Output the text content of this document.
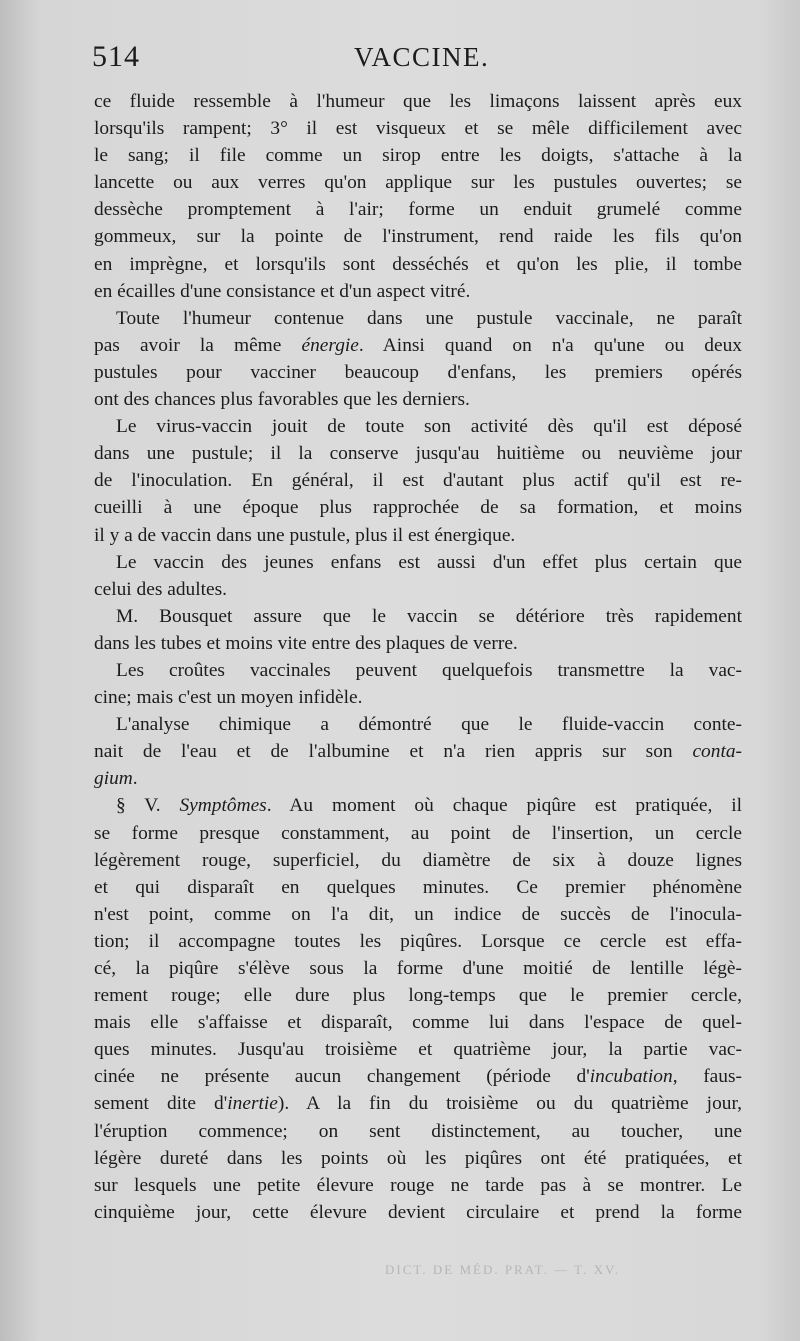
514	VACCINE.
ce fluide ressemble à l'humeur que les limaçons laissent après eux
lorsqu'ils rampent; 3° il est visqueux et se mêle difficilement avec
le sang; il file comme un sirop entre les doigts, s'attache à la
lancette ou aux verres qu'on applique sur les pustules ouvertes; se
dessèche promptement à l'air; forme un enduit grumelé comme
gommeux, sur la pointe de l'instrument, rend raide les fils qu'on
en imprègne, et lorsqu'ils sont desséchés et qu'on les plie, il tombe
en écailles d'une consistance et d'un aspect vitré.
Toute l'humeur contenue dans une pustule vaccinale, ne paraît
pas avoir la même énergie. Ainsi quand on n'a qu'une ou deux
pustules pour vacciner beaucoup d'enfans, les premiers opérés
ont des chances plus favorables que les derniers.
Le virus-vaccin jouit de toute son activité dès qu'il est déposé
dans une pustule; il la conserve jusqu'au huitième ou neuvième jour
de l'inoculation. En général, il est d'autant plus actif qu'il est re-
cueilli à une époque plus rapprochée de sa formation, et moins
il y a de vaccin dans une pustule, plus il est énergique.
Le vaccin des jeunes enfans est aussi d'un effet plus certain que
celui des adultes.
M. Bousquet assure que le vaccin se détériore très rapidement
dans les tubes et moins vite entre des plaques de verre.
Les croûtes vaccinales peuvent quelquefois transmettre la vac-
cine; mais c'est un moyen infidèle.
L'analyse chimique a démontré que le fluide-vaccin conte-
nait de l'eau et de l'albumine et n'a rien appris sur son conta-
gium.
§ V. Symptômes. Au moment où chaque piqûre est pratiquée, il
se forme presque constamment, au point de l'insertion, un cercle
légèrement rouge, superficiel, du diamètre de six à douze lignes
et qui disparaît en quelques minutes. Ce premier phénomène
n'est point, comme on l'a dit, un indice de succès de l'inocula-
tion; il accompagne toutes les piqûres. Lorsque ce cercle est effa-
cé, la piqûre s'élève sous la forme d'une moitié de lentille légè-
rement rouge; elle dure plus long-temps que le premier cercle,
mais elle s'affaisse et disparaît, comme lui dans l'espace de quel-
ques minutes. Jusqu'au troisième et quatrième jour, la partie vac-
cinée ne présente aucun changement (période d'incubation, faus-
sement dite d'inertie). A la fin du troisième ou du quatrième jour,
l'éruption commence; on sent distinctement, au toucher, une
légère dureté dans les points où les piqûres ont été pratiquées, et
sur lesquels une petite élevure rouge ne tarde pas à se montrer. Le
cinquième jour, cette élevure devient circulaire et prend la forme
DICT. DE MÉD. PRAT. — T. XV.
